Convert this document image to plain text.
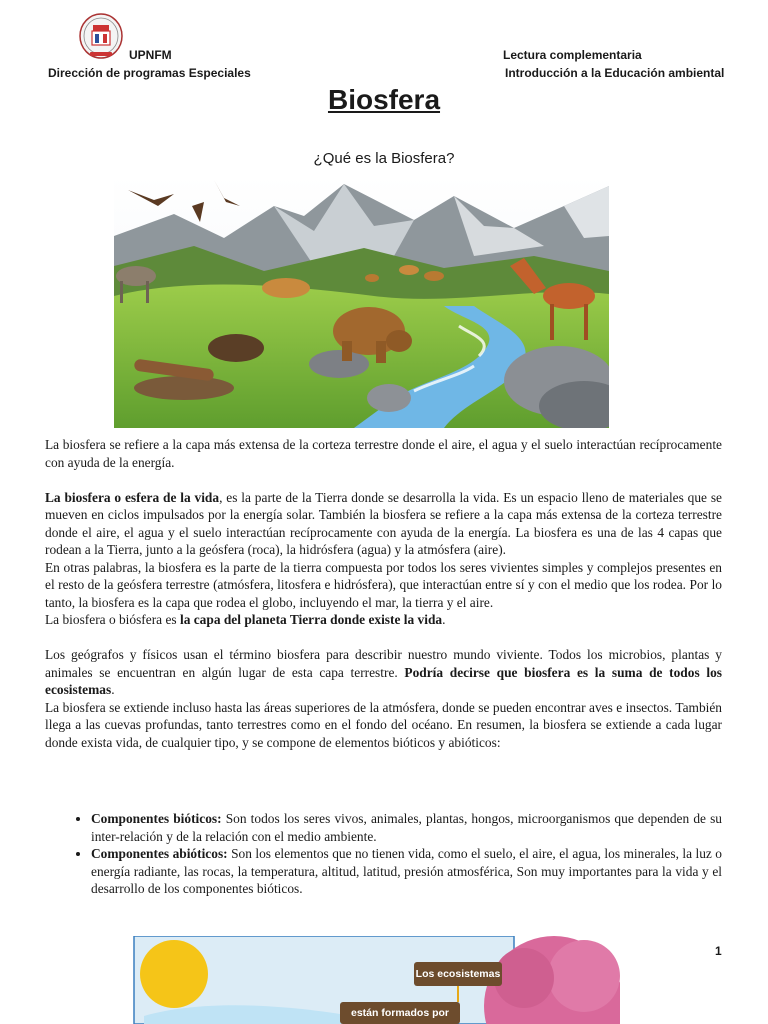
UPNFM
Dirección de programas Especiales
Lectura complementaria
Introducción a la Educación ambiental
Biosfera
¿Qué es la Biosfera?

La biosfera se refiere a la capa más extensa de la corteza terrestre donde el aire, el agua y el suelo interactúan recíprocamente con ayuda de la energía.

La biosfera o esfera de la vida, es la parte de la Tierra donde se desarrolla la vida. Es un espacio lleno de materiales que se mueven en ciclos impulsados por la energía solar. También la biosfera se refiere a la capa más extensa de la corteza terrestre donde el aire, el agua y el suelo interactúan recíprocamente con ayuda de la energía. La biosfera es una de las 4 capas que rodean a la Tierra, junto a la geósfera (roca), la hidrósfera (agua) y la atmósfera (aire).

En otras palabras, la biosfera es la parte de la tierra compuesta por todos los seres vivientes simples y complejos presentes en el resto de la geósfera terrestre (atmósfera, litosfera e hidrósfera), que interactúan entre sí y con el medio que los rodea. Por lo tanto, la biosfera es la capa que rodea el globo, incluyendo el mar, la tierra y el aire.

La biosfera o biósfera es la capa del planeta Tierra donde existe la vida.

Los geógrafos y físicos usan el término biosfera para describir nuestro mundo viviente. Todos los microbios, plantas y animales se encuentran en algún lugar de esta capa terrestre. Podría decirse que biosfera es la suma de todos los ecosistemas.

La biosfera se extiende incluso hasta las áreas superiores de la atmósfera, donde se pueden encontrar aves e insectos. También llega a las cuevas profundas, tanto terrestres como en el fondo del océano. En resumen, la biosfera se extiende a cada lugar donde exista vida, de cualquier tipo, y se compone de elementos bióticos y abióticos:

• Componentes bióticos: Son todos los seres vivos, animales, plantas, hongos, microorganismos que dependen de su inter-relación y de la relación con el medio ambiente.
• Componentes abióticos: Son los elementos que no tienen vida, como el suelo, el aire, el agua, los minerales, la luz o energía radiante, las rocas, la temperatura, altitud, latitud, presión atmosférica, Son muy importantes para la vida y el desarrollo de los componentes bióticos.
1
Los ecosistemas
están formados por
